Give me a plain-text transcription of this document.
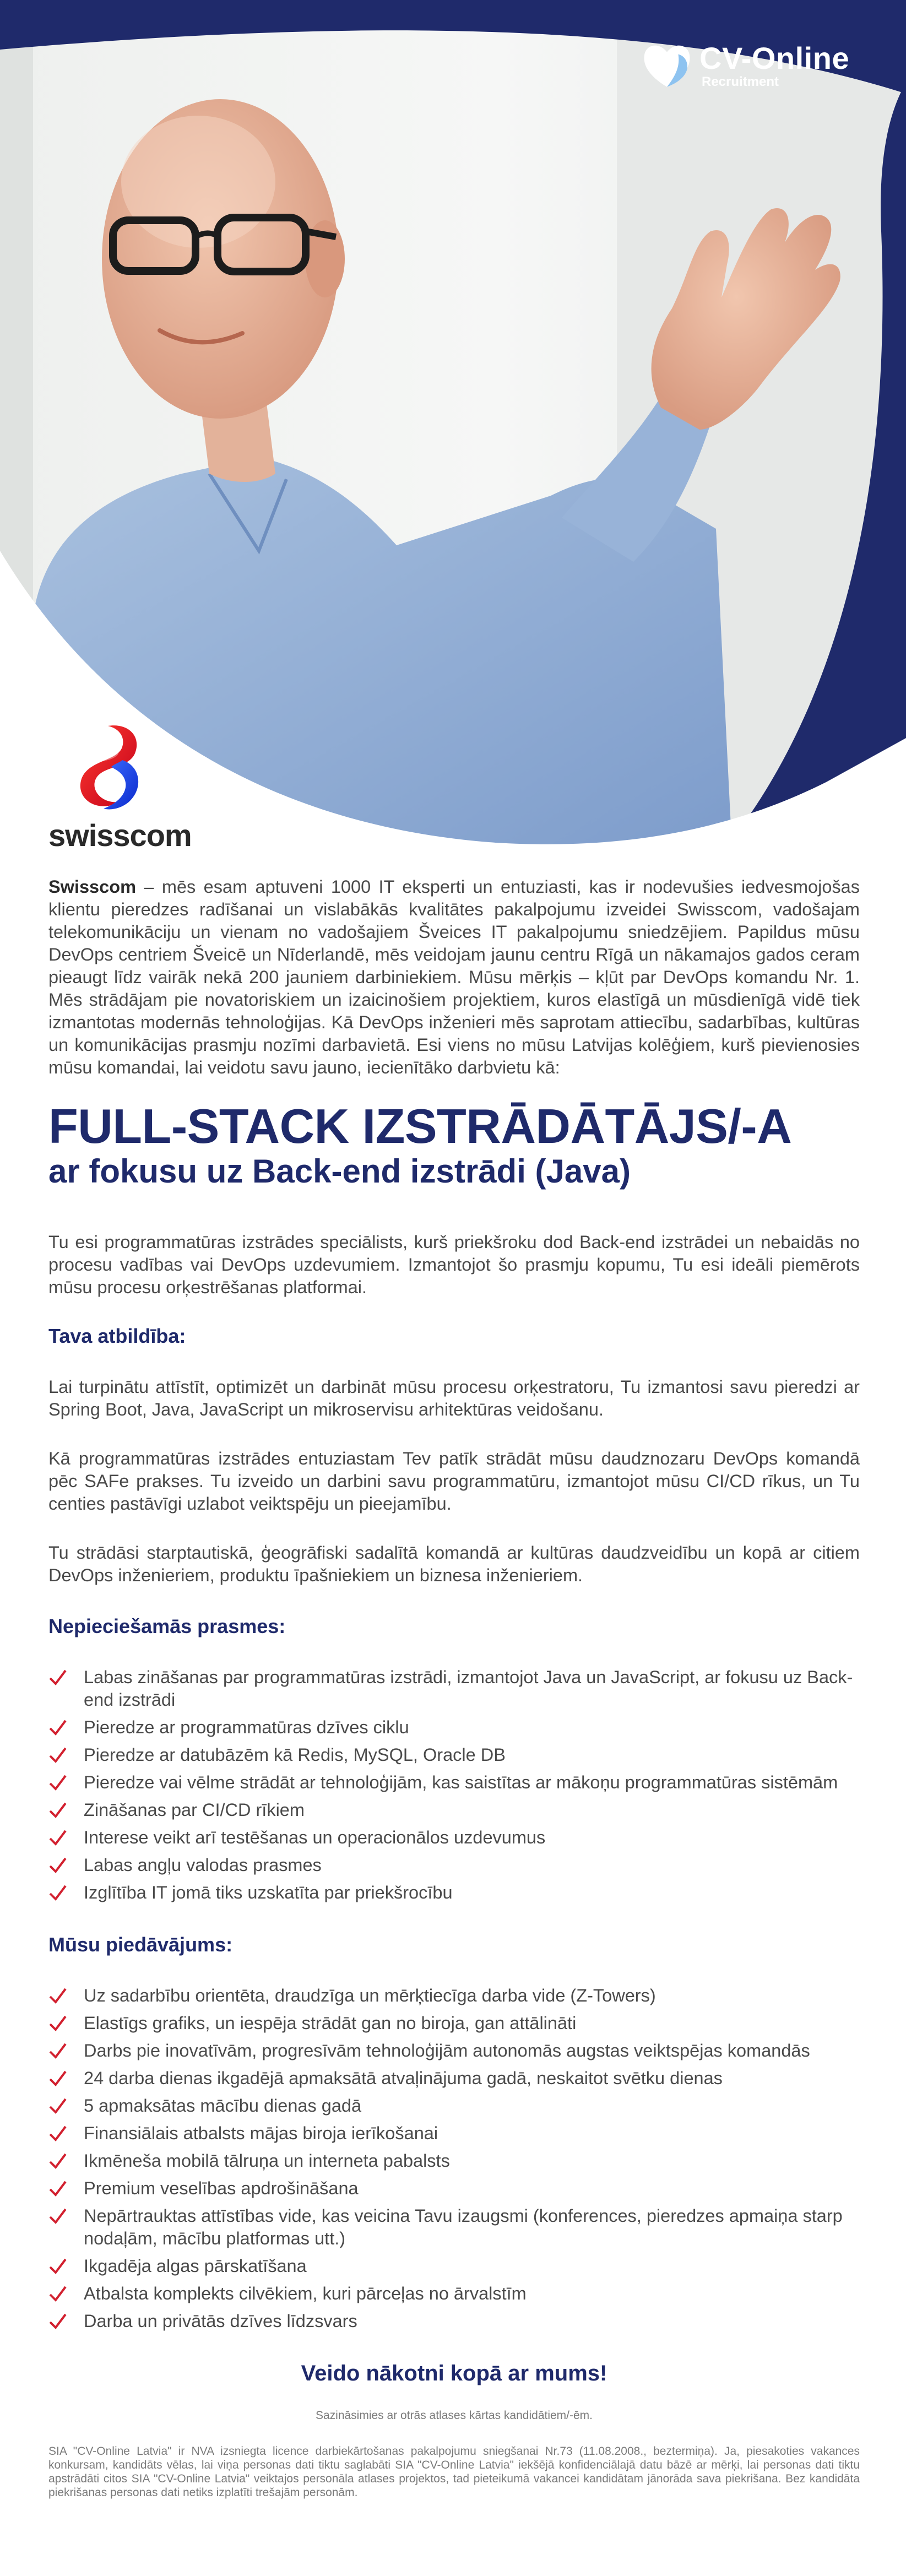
CV-Online
Recruitment
swisscom

Swisscom – mēs esam aptuveni 1000 IT eksperti un entuziasti, kas ir nodevušies iedvesmojošas klientu pieredzes radīšanai un vislabākās kvalitātes pakalpojumu izveidei Swisscom, vadošajam telekomunikāciju un vienam no vadošajiem Šveices IT pakalpojumu sniedzējiem. Papildus mūsu DevOps centriem Šveicē un Nīderlandē, mēs veidojam jaunu centru Rīgā un nākamajos gados ceram pieaugt līdz vairāk nekā 200 jauniem darbiniekiem. Mūsu mērķis – kļūt par DevOps komandu Nr. 1. Mēs strādājam pie novatoriskiem un izaicinošiem projektiem, kuros elastīgā un mūsdienīgā vidē tiek izmantotas modernās tehnoloģijas. Kā DevOps inženieri mēs saprotam attiecību, sadarbības, kultūras un komunikācijas prasmju nozīmi darbavietā. Esi viens no mūsu Latvijas kolēģiem, kurš pievienosies mūsu komandai, lai veidotu savu jauno, iecienītāko darbvietu kā:

FULL-STACK IZSTRĀDĀTĀJS/-A
ar fokusu uz Back-end izstrādi (Java)

Tu esi programmatūras izstrādes speciālists, kurš priekšroku dod Back-end izstrādei un nebaidās no procesu vadības vai DevOps uzdevumiem. Izmantojot šo prasmju kopumu, Tu esi ideāli piemērots mūsu procesu orķestrēšanas platformai.

Tava atbildība:

Lai turpinātu attīstīt, optimizēt un darbināt mūsu procesu orķestratoru, Tu izmantosi savu pieredzi ar Spring Boot, Java, JavaScript un mikroservisu arhitektūras veidošanu.

Kā programmatūras izstrādes entuziastam Tev patīk strādāt mūsu daudznozaru DevOps komandā pēc SAFe prakses. Tu izveido un darbini savu programmatūru, izmantojot mūsu CI/CD rīkus, un Tu centies pastāvīgi uzlabot veiktspēju un pieejamību.

Tu strādāsi starptautiskā, ģeogrāfiski sadalītā komandā ar kultūras daudzveidību un kopā ar citiem DevOps inženieriem, produktu īpašniekiem un biznesa inženieriem.

Nepieciešamās prasmes:
Labas zināšanas par programmatūras izstrādi, izmantojot Java un JavaScript, ar fokusu uz Back-end izstrādi
Pieredze ar programmatūras dzīves ciklu
Pieredze ar datubāzēm kā Redis, MySQL, Oracle DB
Pieredze vai vēlme strādāt ar tehnoloģijām, kas saistītas ar mākoņu programmatūras sistēmām
Zināšanas par CI/CD rīkiem
Interese veikt arī testēšanas un operacionālos uzdevumus
Labas angļu valodas prasmes
Izglītība IT jomā tiks uzskatīta par priekšrocību
Mūsu piedāvājums:
Uz sadarbību orientēta, draudzīga un mērķtiecīga darba vide (Z-Towers)
Elastīgs grafiks, un iespēja strādāt gan no biroja, gan attālināti
Darbs pie inovatīvām, progresīvām tehnoloģijām autonomās augstas veiktspējas komandās
24 darba dienas ikgadējā apmaksātā atvaļinājuma gadā, neskaitot svētku dienas
5 apmaksātas mācību dienas gadā
Finansiālais atbalsts mājas biroja ierīkošanai
Ikmēneša mobilā tālruņa un interneta pabalsts
Premium veselības apdrošināšana
Nepārtrauktas attīstības vide, kas veicina Tavu izaugsmi (konferences, pieredzes apmaiņa starp nodaļām, mācību platformas utt.)
Ikgadēja algas pārskatīšana
Atbalsta komplekts cilvēkiem, kuri pārceļas no ārvalstīm
Darba un privātās dzīves līdzsvars
Veido nākotni kopā ar mums!
Sazināsimies ar otrās atlases kārtas kandidātiem/-ēm.
SIA "CV-Online Latvia" ir NVA izsniegta licence darbiekārtošanas pakalpojumu sniegšanai Nr.73 (11.08.2008., beztermiņa). Ja, piesakoties vakances konkursam, kandidāts vēlas, lai viņa personas dati tiktu saglabāti SIA "CV-Online Latvia" iekšējā konfidenciālajā datu bāzē ar mērķi, lai personas dati tiktu apstrādāti citos SIA "CV-Online Latvia" veiktajos personāla atlases projektos, tad pieteikumā vakancei kandidātam jānorāda sava piekrišana. Bez kandidāta piekrišanas personas dati netiks izplatīti trešajām personām.
